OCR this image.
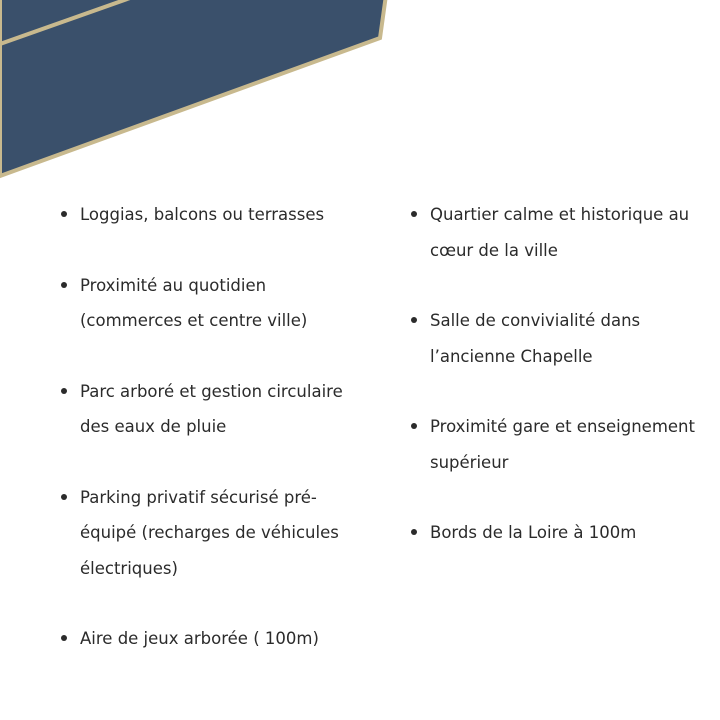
Loggias, balcons ou terrasses
Proximité au quotidien (commerces et centre ville)
Parc arboré et gestion circulaire des eaux de pluie
Parking privatif sécurisé pré-équipé (recharges de véhicules électriques)
Aire de jeux arborée ( 100m)
Quartier calme et historique au cœur de la ville
Salle de convivialité dans l’ancienne Chapelle
Proximité gare et enseignement supérieur
Bords de la Loire à 100m
